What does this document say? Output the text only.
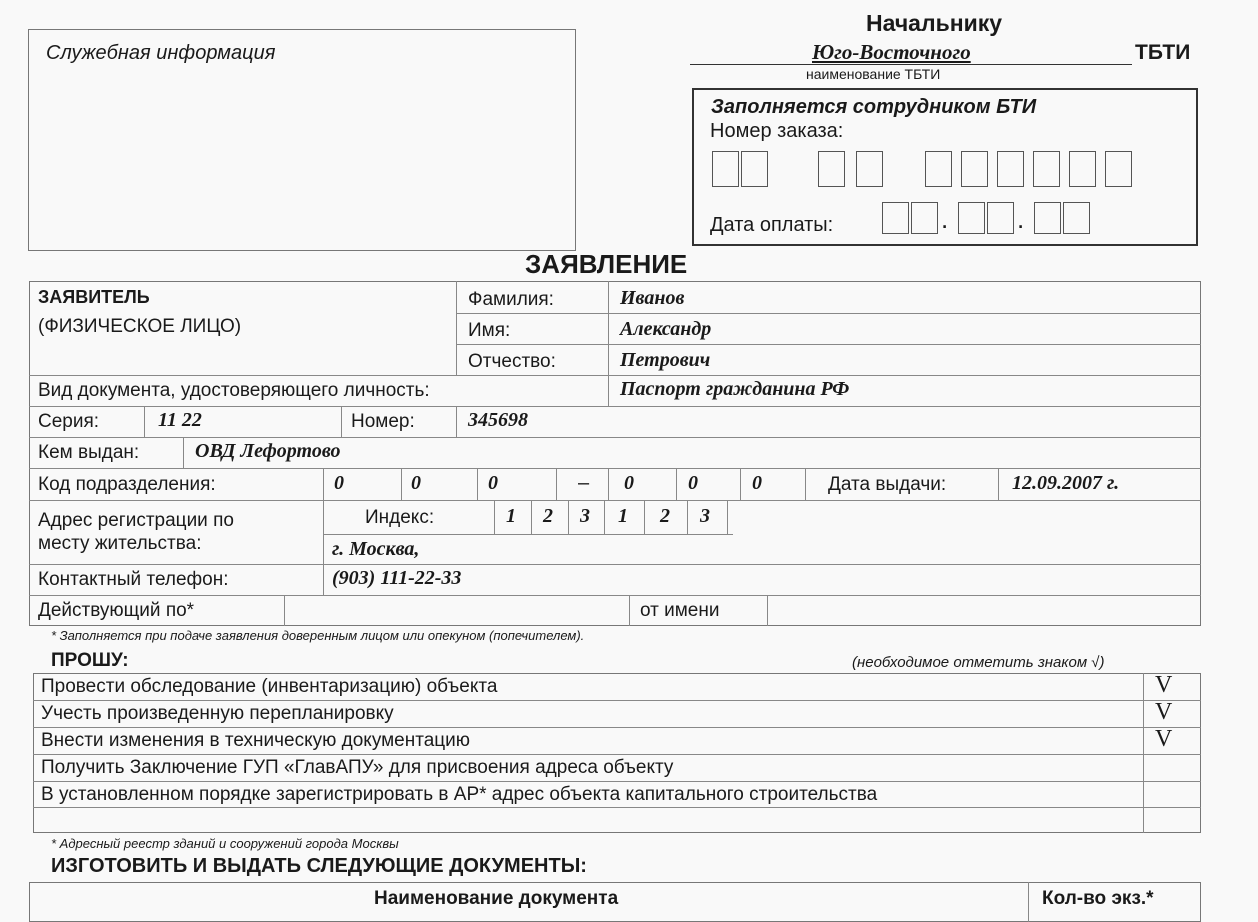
Служебная информация
Начальнику
Юго-Восточного	ТБТИ
наименование ТБТИ
Заполняется сотрудником БТИ
Номер заказа:
Дата оплаты:	.	.
ЗАЯВЛЕНИЕ
ЗАЯВИТЕЛЬ
(ФИЗИЧЕСКОЕ ЛИЦО)
Фамилия:	Иванов
Имя:	Александр
Отчество:	Петрович
Вид документа, удостоверяющего личность:	Паспорт гражданина РФ
Серия:	11 22	Номер:	345698
Кем выдан:	ОВД Лефортово
Код подразделения:	0	0	0	– 0	0	0	Дата выдачи:	12.09.2007 г.
Адрес регистрации по
месту жительства:
Индекс:	1 2 3 1 2 3
г. Москва,
Контактный телефон:	(903) 111-22-33
Действующий по*	от имени
* Заполняется при подаче заявления доверенным лицом или опекуном (попечителем).
ПРОШУ:	(необходимое отметить знаком √)
Провести обследование (инвентаризацию) объекта	V
Учесть произведенную перепланировку	V
Внести изменения в техническую документацию	V
Получить Заключение ГУП «ГлавАПУ» для присвоения адреса объекту
В установленном порядке зарегистрировать в АР* адрес объекта капитального строительства
* Адресный реестр зданий и сооружений города Москвы
ИЗГОТОВИТЬ И ВЫДАТЬ СЛЕДУЮЩИЕ ДОКУМЕНТЫ:
Наименование документа	Кол-во экз.*
